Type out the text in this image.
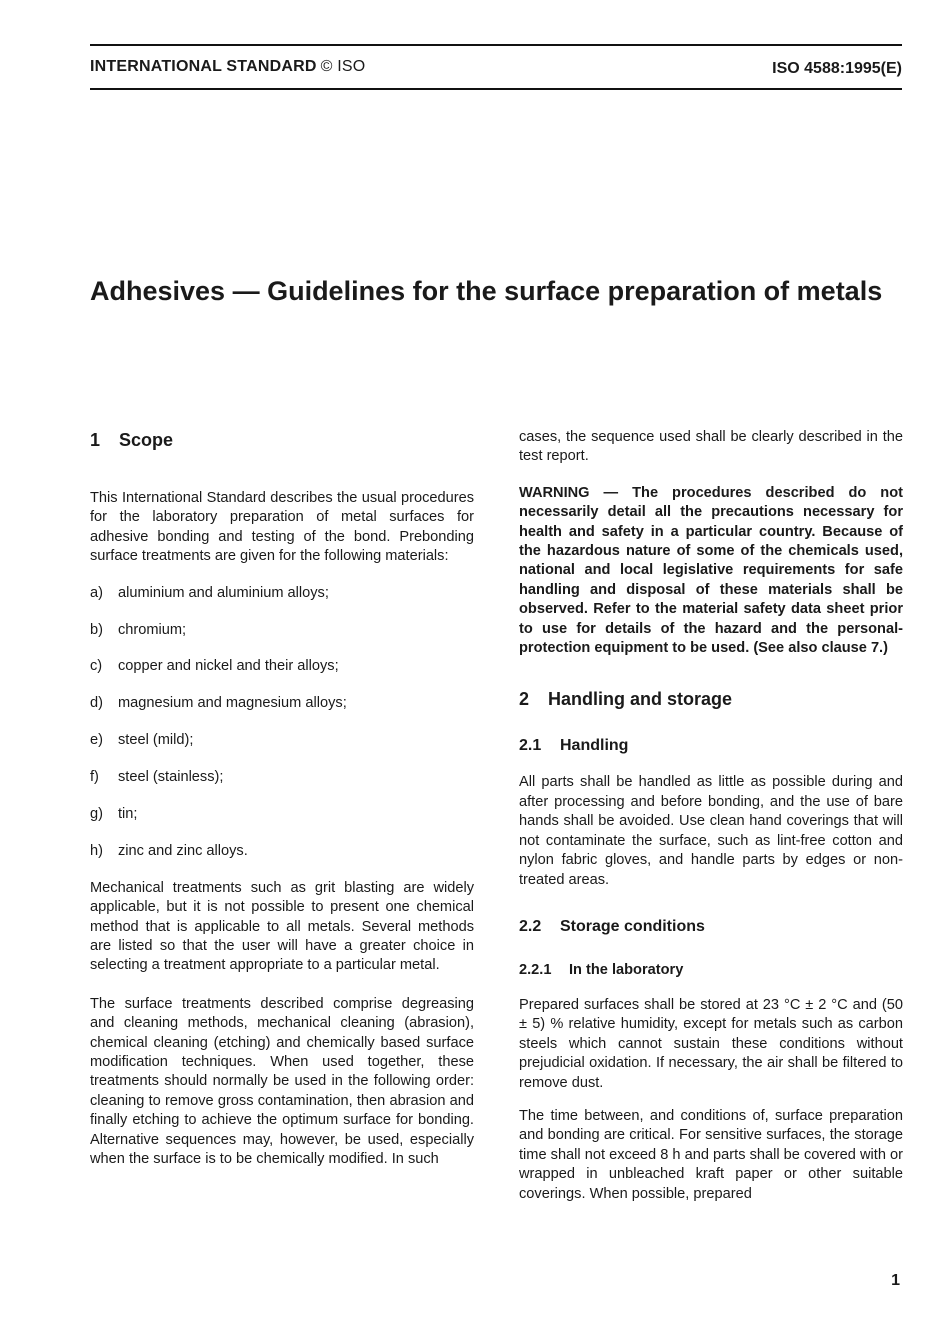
INTERNATIONAL STANDARD © ISO	ISO 4588:1995(E)
Adhesives — Guidelines for the surface preparation of metals
1 Scope

This International Standard describes the usual procedures for the laboratory preparation of metal surfaces for adhesive bonding and testing of the bond. Prebonding surface treatments are given for the following materials:

a) aluminium and aluminium alloys;
b) chromium;
c) copper and nickel and their alloys;
d) magnesium and magnesium alloys;
e) steel (mild);
f) steel (stainless);
g) tin;
h) zinc and zinc alloys.

Mechanical treatments such as grit blasting are widely applicable, but it is not possible to present one chemical method that is applicable to all metals. Several methods are listed so that the user will have a greater choice in selecting a treatment appropriate to a particular metal.

The surface treatments described comprise degreasing and cleaning methods, mechanical cleaning (abrasion), chemical cleaning (etching) and chemically based surface modification techniques. When used together, these treatments should normally be used in the following order: cleaning to remove gross contamination, then abrasion and finally etching to achieve the optimum surface for bonding. Alternative sequences may, however, be used, especially when the surface is to be chemically modified. In such

cases, the sequence used shall be clearly described in the test report.

WARNING — The procedures described do not necessarily detail all the precautions necessary for health and safety in a particular country. Because of the hazardous nature of some of the chemicals used, national and local legislative requirements for safe handling and disposal of these materials shall be observed. Refer to the material safety data sheet prior to use for details of the hazard and the personal-protection equipment to be used. (See also clause 7.)

2 Handling and storage
2.1 Handling

All parts shall be handled as little as possible during and after processing and before bonding, and the use of bare hands shall be avoided. Use clean hand coverings that will not contaminate the surface, such as lint-free cotton and nylon fabric gloves, and handle parts by edges or non-treated areas.

2.2 Storage conditions
2.2.1 In the laboratory

Prepared surfaces shall be stored at 23 °C ± 2 °C and (50 ± 5) % relative humidity, except for metals such as carbon steels which cannot sustain these conditions without prejudicial oxidation. If necessary, the air shall be filtered to remove dust.

The time between, and conditions of, surface preparation and bonding are critical. For sensitive surfaces, the storage time shall not exceed 8 h and parts shall be covered with or wrapped in unbleached kraft paper or other suitable coverings. When possible, prepared

1
